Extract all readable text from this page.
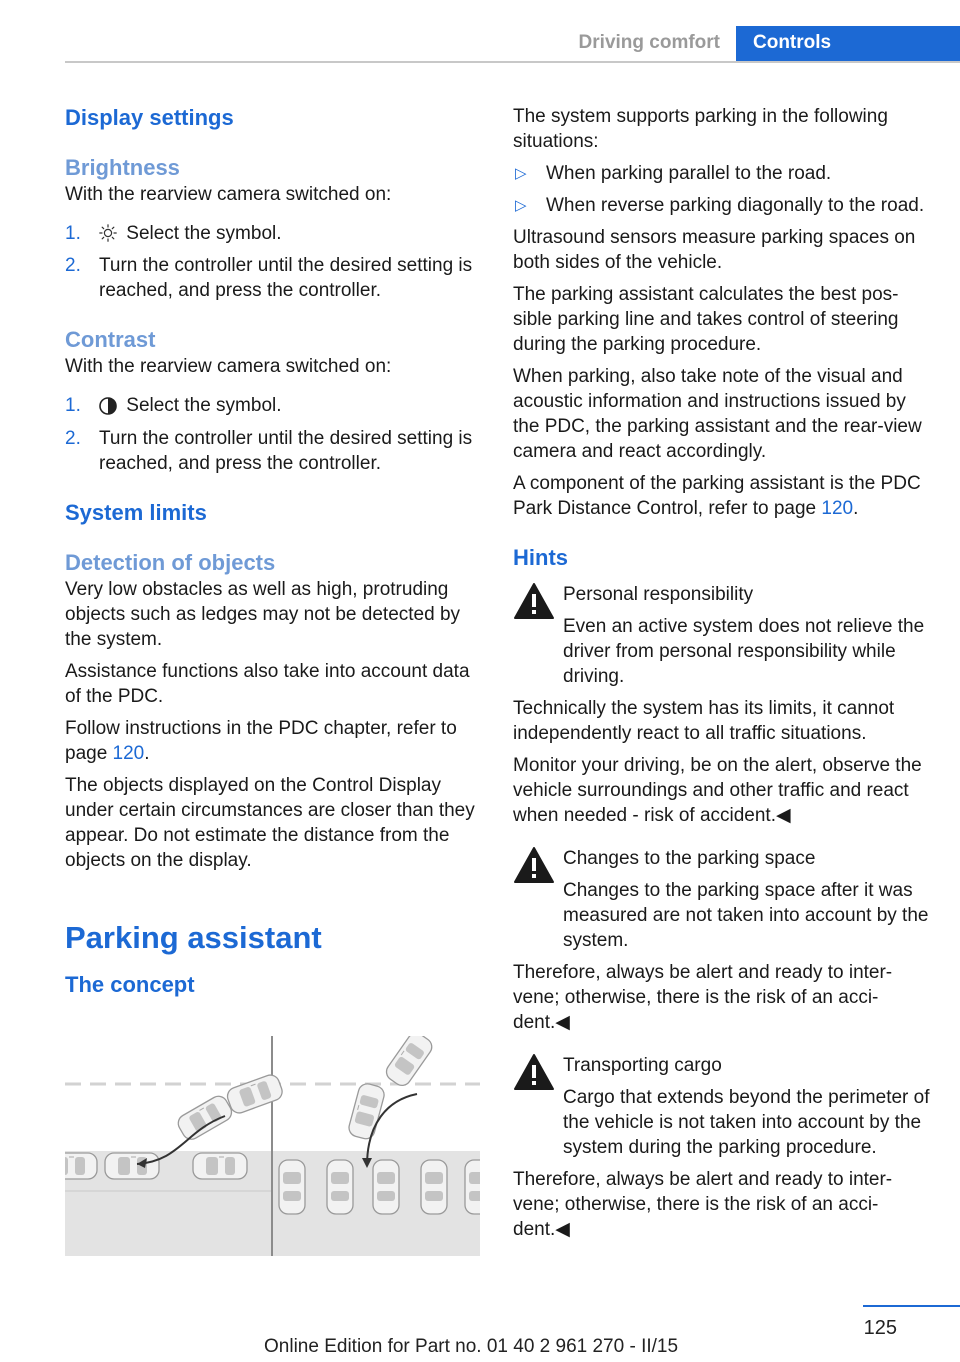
Driving comfort	Controls
Display settings
Brightness

With the rearview camera switched on:

1. Select the symbol.
2. Turn the controller until the desired setting is reached, and press the controller.
Contrast

With the rearview camera switched on:

1. Select the symbol.
2. Turn the controller until the desired setting is reached, and press the controller.
System limits
Detection of objects

Very low obstacles as well as high, protruding objects such as ledges may not be detected by the system.

Assistance functions also take into account data of the PDC.

Follow instructions in the PDC chapter, refer to page 120.

The objects displayed on the Control Display under certain circumstances are closer than they appear. Do not estimate the distance from the objects on the display.

Parking assistant
The concept

The system supports parking in the following situations:

▷ When parking parallel to the road.
▷ When reverse parking diagonally to the road.

Ultrasound sensors measure parking spaces on both sides of the vehicle.

The parking assistant calculates the best pos-sible parking line and takes control of steering during the parking procedure.

When parking, also take note of the visual and acoustic information and instructions issued by the PDC, the parking assistant and the rear-view camera and react accordingly.

A component of the parking assistant is the PDC Park Distance Control, refer to page 120.

Hints

Personal responsibility

Even an active system does not relieve the driver from personal responsibility while driving.

Technically the system has its limits, it cannot independently react to all traffic situations.

Monitor your driving, be on the alert, observe the vehicle surroundings and other traffic and react when needed - risk of accident.◀

Changes to the parking space

Changes to the parking space after it was measured are not taken into account by the system.

Therefore, always be alert and ready to inter-vene; otherwise, there is the risk of an acci-dent.◀

Transporting cargo

Cargo that extends beyond the perimeter of the vehicle is not taken into account by the system during the parking procedure.

Therefore, always be alert and ready to inter-vene; otherwise, there is the risk of an acci-dent.◀

125
Online Edition for Part no. 01 40 2 961 270 - II/15
